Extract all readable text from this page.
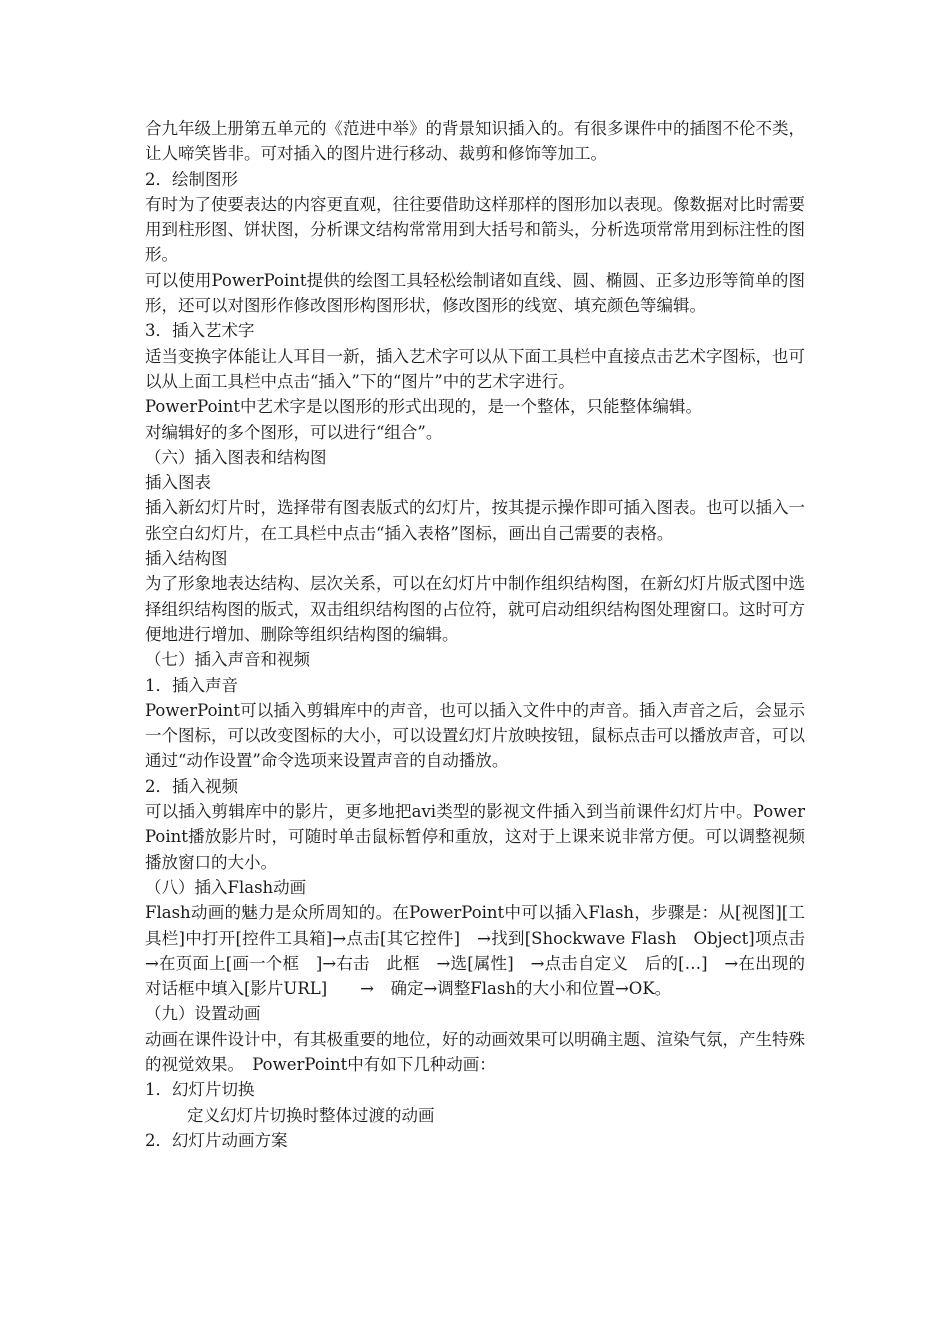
合九年级上册第五单元的《范进中举》的背景知识插入的。有很多课件中的插图不伦不类，让人啼笑皆非。可对插入的图片进行移动、裁剪和修饰等加工。

2．绘制图形

有时为了使要表达的内容更直观，往往要借助这样那样的图形加以表现。像数据对比时需要用到柱形图、饼状图，分析课文结构常常用到大括号和箭头，分析选项常常用到标注性的图形。

可以使用PowerPoint提供的绘图工具轻松绘制诸如直线、圆、椭圆、正多边形等简单的图形，还可以对图形作修改图形构图形状，修改图形的线宽、填充颜色等编辑。

3．插入艺术字

适当变换字体能让人耳目一新，插入艺术字可以从下面工具栏中直接点击艺术字图标，也可以从上面工具栏中点击“插入”下的“图片”中的艺术字进行。

PowerPoint中艺术字是以图形的形式出现的，是一个整体，只能整体编辑。

对编辑好的多个图形，可以进行“组合”。

（六）插入图表和结构图

插入图表

插入新幻灯片时，选择带有图表版式的幻灯片，按其提示操作即可插入图表。也可以插入一张空白幻灯片，在工具栏中点击“插入表格”图标，画出自己需要的表格。

插入结构图

为了形象地表达结构、层次关系，可以在幻灯片中制作组织结构图，在新幻灯片版式图中选择组织结构图的版式，双击组织结构图的占位符，就可启动组织结构图处理窗口。这时可方便地进行增加、删除等组织结构图的编辑。

（七）插入声音和视频

1．插入声音

PowerPoint可以插入剪辑库中的声音，也可以插入文件中的声音。插入声音之后，会显示一个图标，可以改变图标的大小，可以设置幻灯片放映按钮，鼠标点击可以播放声音，可以通过“动作设置”命令选项来设置声音的自动播放。

2．插入视频

可以插入剪辑库中的影片，更多地把avi类型的影视文件插入到当前课件幻灯片中。PowerPoint播放影片时，可随时单击鼠标暂停和重放，这对于上课来说非常方便。可以调整视频播放窗口的大小。

（八）插入Flash动画

Flash动画的魅力是众所周知的。在PowerPoint中可以插入Flash，步骤是：从[视图][工具栏]中打开[控件工具箱]→点击[其它控件]　→找到[Shockwave Flash　Object]项点击→在页面上[画一个框　]→右击　此框　→选[属性]　→点击自定义　后的[…]　→在出现的对话框中填入[影片URL]　　→　确定→调整Flash的大小和位置→OK。

（九）设置动画

动画在课件设计中，有其极重要的地位，好的动画效果可以明确主题、渲染气氛，产生特殊的视觉效果。　PowerPoint中有如下几种动画：

1．幻灯片切换

定义幻灯片切换时整体过渡的动画

2．幻灯片动画方案
